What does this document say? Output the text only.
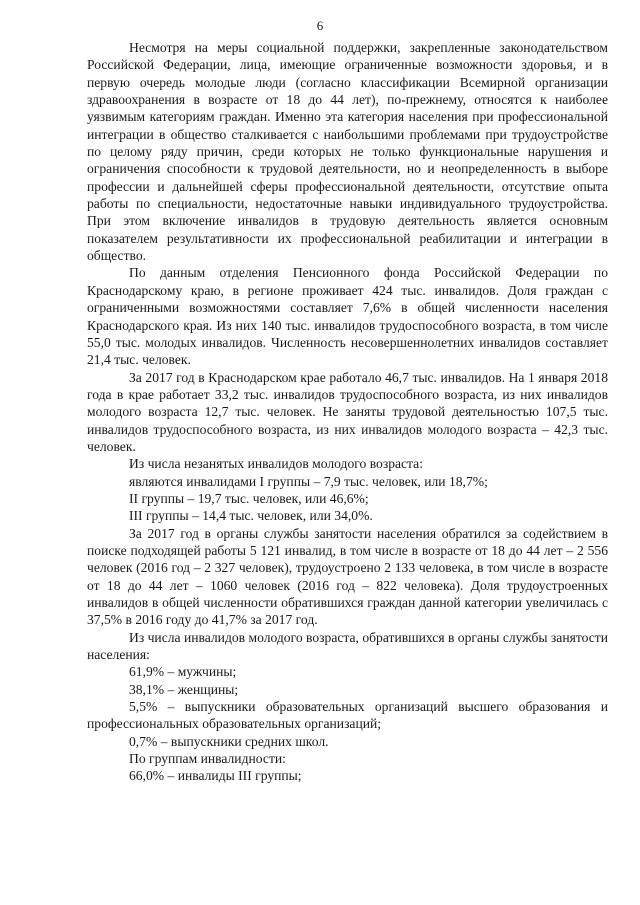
6

Несмотря на меры социальной поддержки, закрепленные законодательством Российской Федерации, лица, имеющие ограниченные возможности здоровья, и в первую очередь молодые люди (согласно классификации Всемирной организации здравоохранения в возрасте от 18 до 44 лет), по-прежнему, относятся к наиболее уязвимым категориям граждан. Именно эта категория населения при профессиональной интеграции в общество сталкивается с наибольшими проблемами при трудоустройстве по целому ряду причин, среди которых не только функциональные нарушения и ограничения способности к трудовой деятельности, но и неопределенность в выборе профессии и дальнейшей сферы профессиональной деятельности, отсутствие опыта работы по специальности, недостаточные навыки индивидуального трудоустройства. При этом включение инвалидов в трудовую деятельность является основным показателем результативности их профессиональной реабилитации и интеграции в общество.

По данным отделения Пенсионного фонда Российской Федерации по Краснодарскому краю, в регионе проживает 424 тыс. инвалидов. Доля граждан с ограниченными возможностями составляет 7,6% в общей численности населения Краснодарского края. Из них 140 тыс. инвалидов трудоспособного возраста, в том числе 55,0 тыс. молодых инвалидов. Численность несовершеннолетних инвалидов составляет 21,4 тыс. человек.

За 2017 год в Краснодарском крае работало 46,7 тыс. инвалидов. На 1 января 2018 года в крае работает 33,2 тыс. инвалидов трудоспособного возраста, из них инвалидов молодого возраста 12,7 тыс. человек. Не заняты трудовой деятельностью 107,5 тыс. инвалидов трудоспособного возраста, из них инвалидов молодого возраста – 42,3 тыс. человек.

Из числа незанятых инвалидов молодого возраста:

являются инвалидами I группы – 7,9 тыс. человек, или 18,7%;

II группы – 19,7 тыс. человек, или 46,6%;

III группы – 14,4 тыс. человек, или 34,0%.

За 2017 год в органы службы занятости населения обратился за содействием в поиске подходящей работы 5 121 инвалид, в том числе в возрасте от 18 до 44 лет – 2 556 человек (2016 год – 2 327 человек), трудоустроено 2 133 человека, в том числе в возрасте от 18 до 44 лет – 1060 человек (2016 год – 822 человека). Доля трудоустроенных инвалидов в общей численности обратившихся граждан данной категории увеличилась с 37,5% в 2016 году до 41,7% за 2017 год.

Из числа инвалидов молодого возраста, обратившихся в органы службы занятости населения:

61,9% – мужчины;

38,1% – женщины;

5,5% – выпускники образовательных организаций высшего образования и профессиональных образовательных организаций;

0,7% – выпускники средних школ.

По группам инвалидности:

66,0% – инвалиды III группы;
